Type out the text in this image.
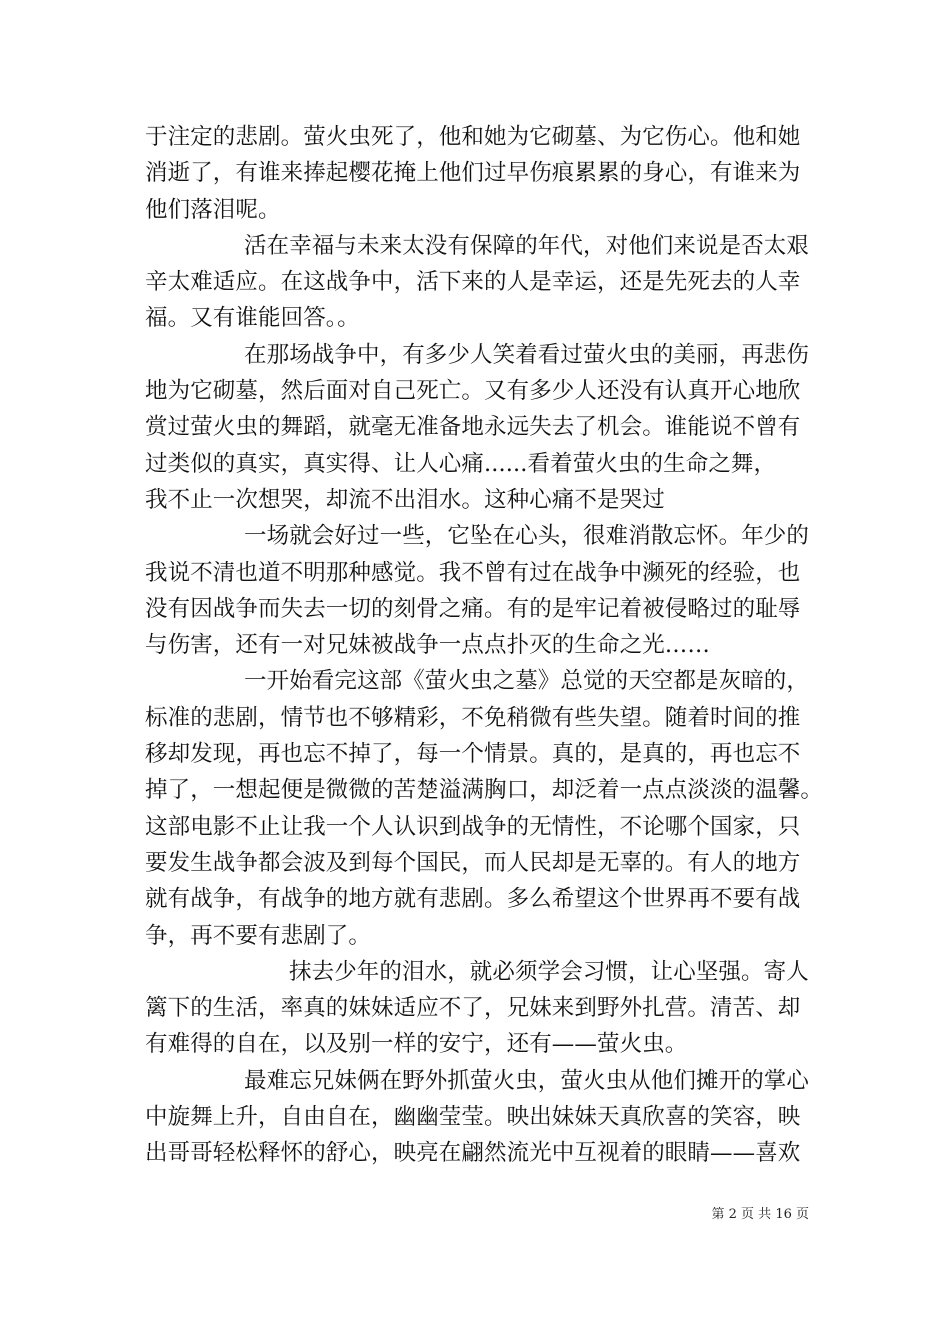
于注定的悲剧。萤火虫死了，他和她为它砌墓、为它伤心。他和她
消逝了，有谁来捧起樱花掩上他们过早伤痕累累的身心，有谁来为
他们落泪呢。
活在幸福与未来太没有保障的年代，对他们来说是否太艰
辛太难适应。在这战争中，活下来的人是幸运，还是先死去的人幸
福。又有谁能回答。。
在那场战争中，有多少人笑着看过萤火虫的美丽，再悲伤
地为它砌墓，然后面对自己死亡。又有多少人还没有认真开心地欣
赏过萤火虫的舞蹈，就毫无准备地永远失去了机会。谁能说不曾有
过类似的真实，真实得、让人心痛......看着萤火虫的生命之舞，
我不止一次想哭，却流不出泪水。这种心痛不是哭过
一场就会好过一些，它坠在心头，很难消散忘怀。年少的
我说不清也道不明那种感觉。我不曾有过在战争中濒死的经验，也
没有因战争而失去一切的刻骨之痛。有的是牢记着被侵略过的耻辱
与伤害，还有一对兄妹被战争一点点扑灭的生命之光……
一开始看完这部《萤火虫之墓》总觉的天空都是灰暗的，
标准的悲剧，情节也不够精彩，不免稍微有些失望。随着时间的推
移却发现，再也忘不掉了，每一个情景。真的，是真的，再也忘不
掉了，一想起便是微微的苦楚溢满胸口，却泛着一点点淡淡的温馨。
这部电影不止让我一个人认识到战争的无情性，不论哪个国家，只
要发生战争都会波及到每个国民，而人民却是无辜的。有人的地方
就有战争，有战争的地方就有悲剧。多么希望这个世界再不要有战
争，再不要有悲剧了。
抹去少年的泪水，就必须学会习惯，让心坚强。寄人
篱下的生活，率真的妹妹适应不了，兄妹来到野外扎营。清苦、却
有难得的自在，以及别一样的安宁，还有——萤火虫。
最难忘兄妹俩在野外抓萤火虫，萤火虫从他们摊开的掌心
中旋舞上升，自由自在，幽幽莹莹。映出妹妹天真欣喜的笑容，映
出哥哥轻松释怀的舒心，映亮在翩然流光中互视着的眼睛——喜欢
第 2 页 共 16 页
